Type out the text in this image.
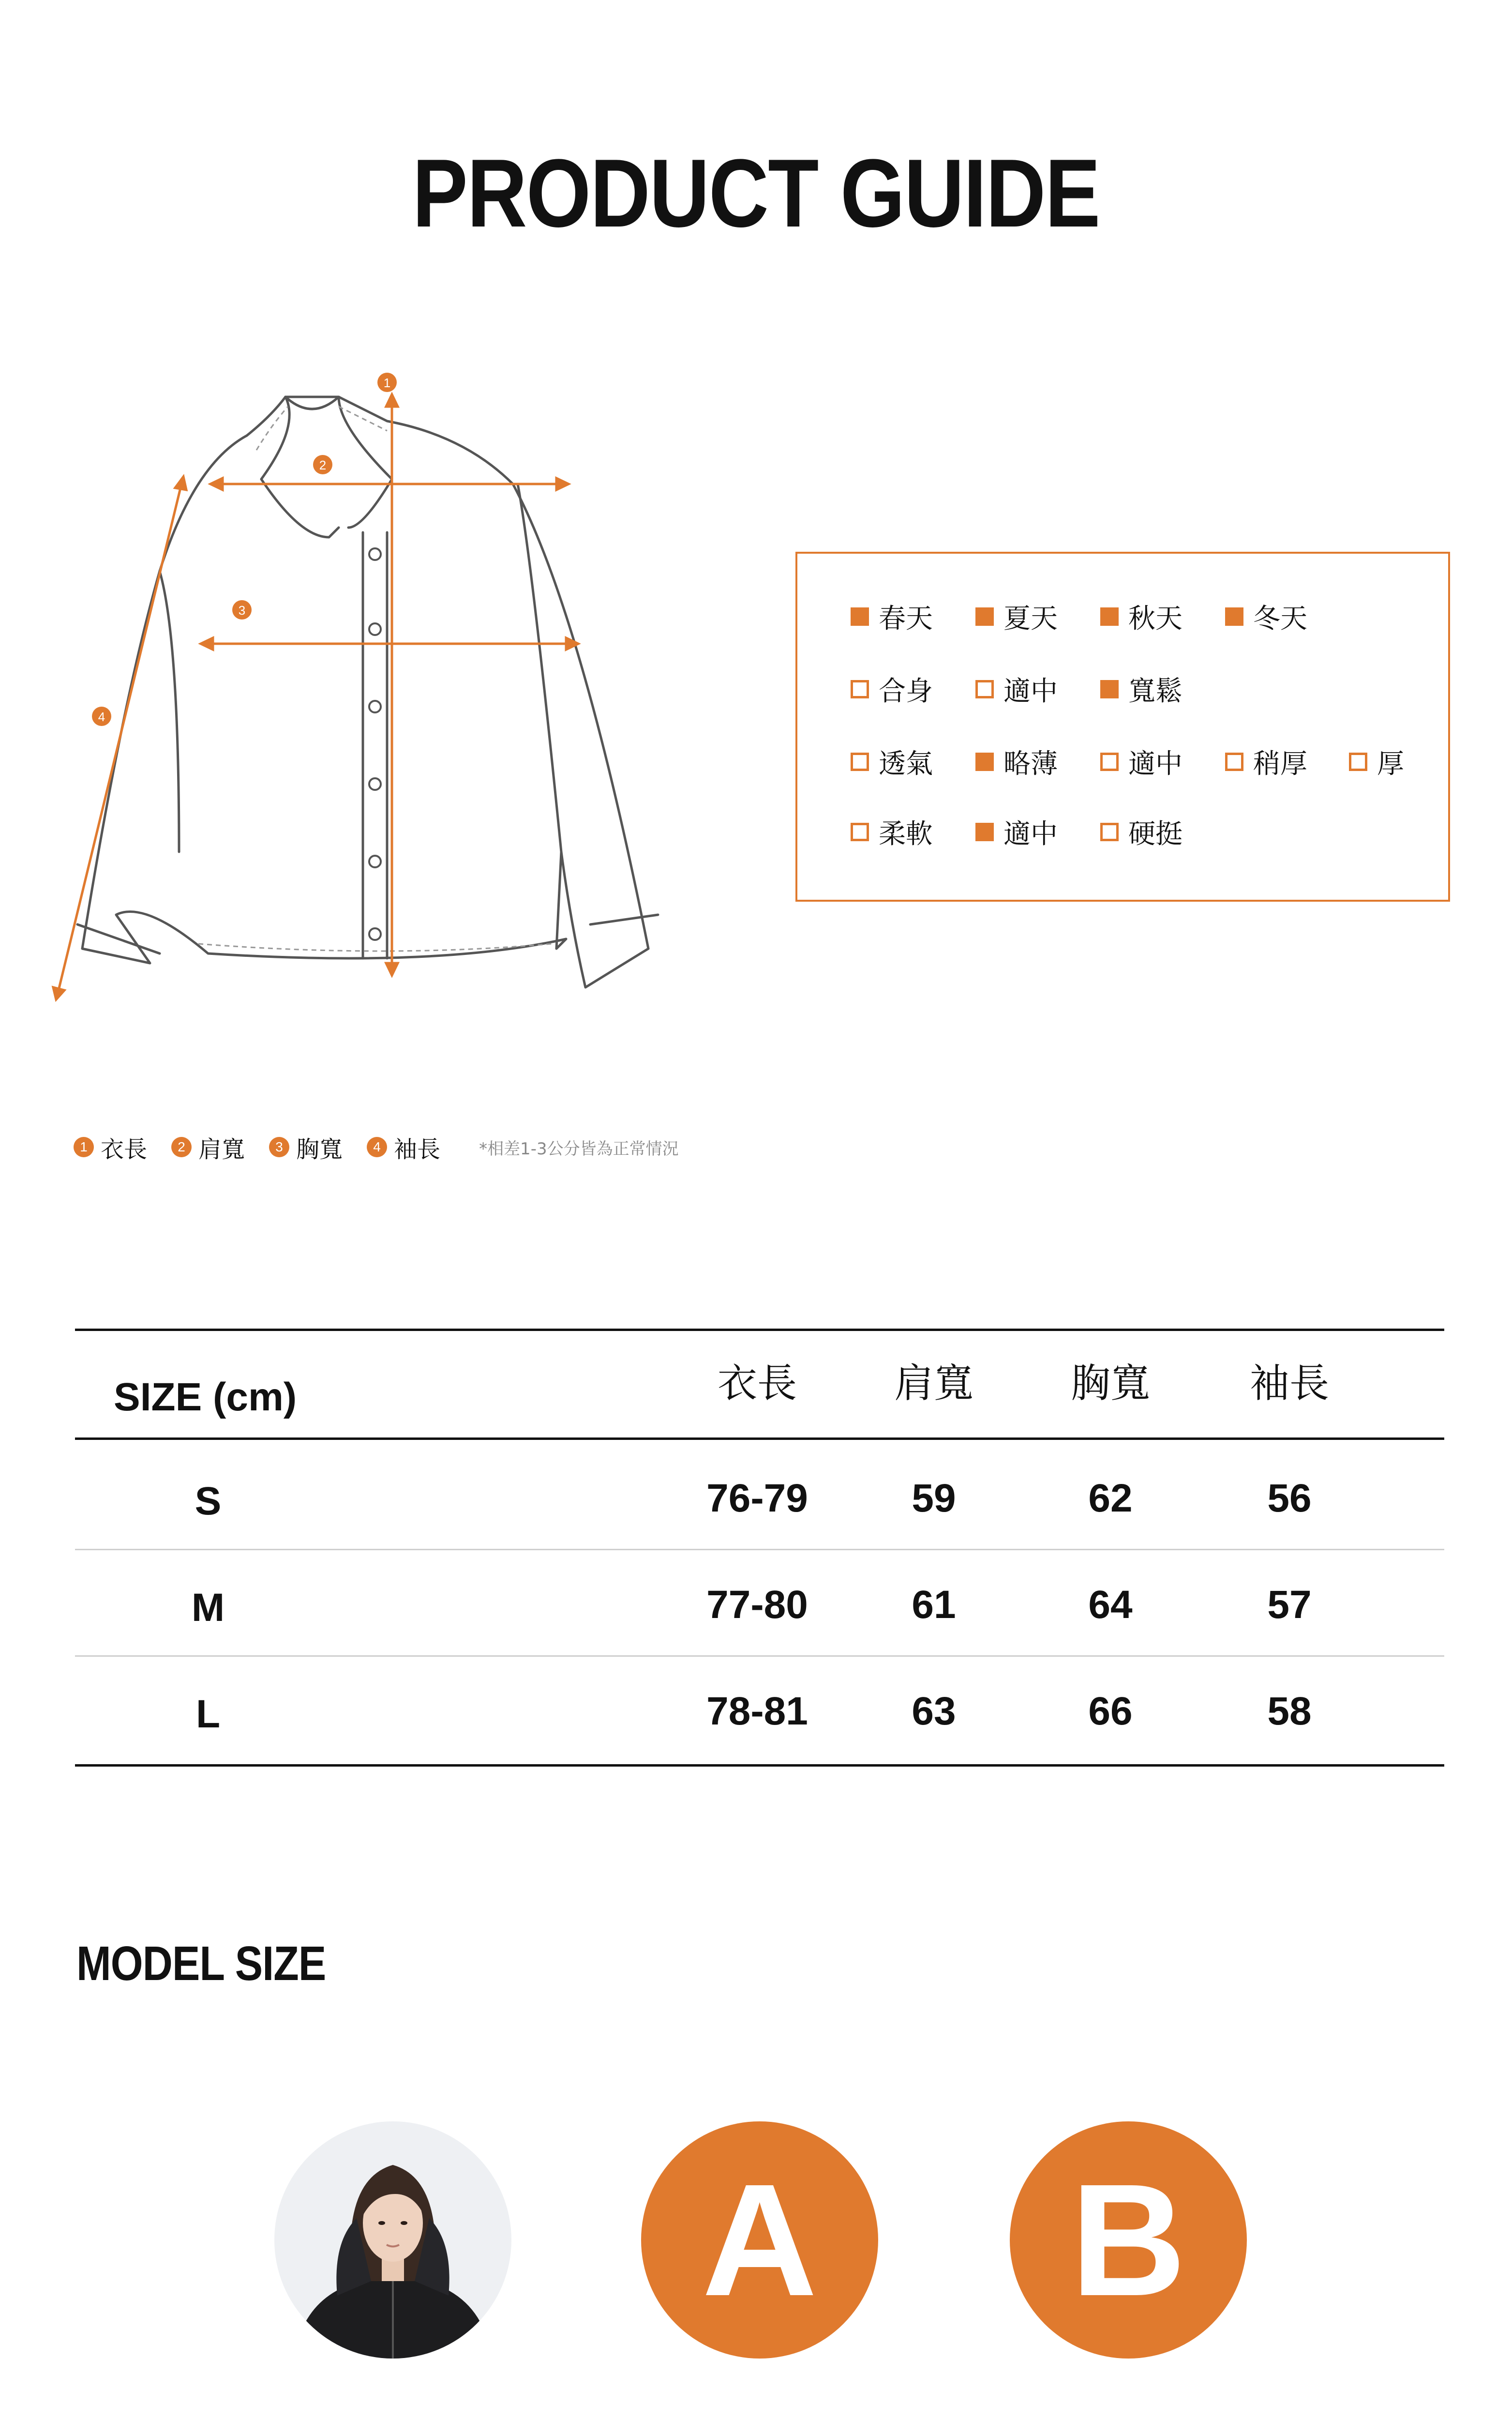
PRODUCT GUIDE
1
2
3
4
春天	夏天	秋天	冬天
合身	適中	寬鬆
透氣	略薄	適中	稍厚	厚
柔軟	適中	硬挺
1 衣長	2 肩寬	3 胸寬	4 袖長 *相差1-3公分皆為正常情況
SIZE (cm)	衣長	肩寬	胸寬	袖長
S	76-79	59	62	56
M	77-80	61	64	57
L	78-81	63	66	58
MODEL SIZE
A	B
